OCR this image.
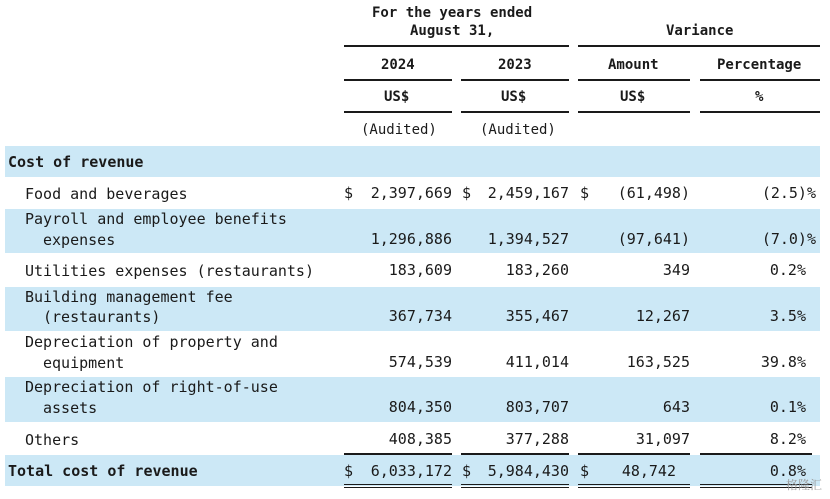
For the years ended
August 31,	Variance
2024	2023	Amount	Percentage
US$	US$	US$	%
(Audited)	(Audited)
Cost of revenue
Food and beverages	$	2,397,669 $	2,459,167 $	(61,498)	(2.5)%
Payroll and employee benefits
expenses	1,296,886	1,394,527	(97,641)	(7.0)%
Utilities expenses (restaurants)	183,609	183,260	349	0.2%
Building management fee
(restaurants)	367,734	355,467	12,267	3.5%
Depreciation of property and
equipment	574,539	411,014	163,525	39.8%
Depreciation of right-of-use
assets	804,350	803,707	643	0.1%
Others	408,385	377,288	31,097	8.2%
Total cost of revenue	$	6,033,172 $	5,984,430 $	48,742	0.8%
格隆汇
